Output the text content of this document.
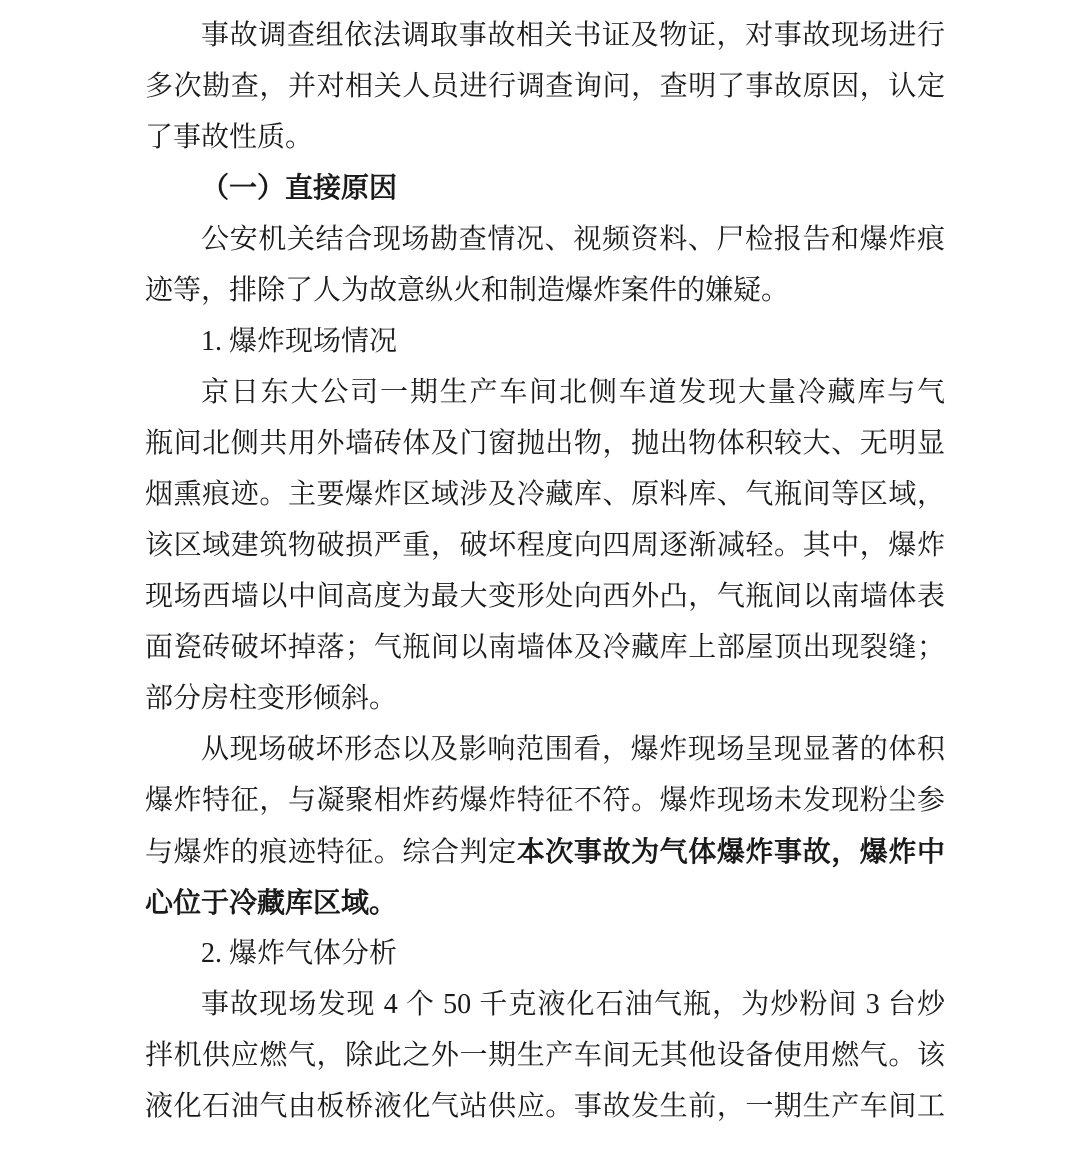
事故调查组依法调取事故相关书证及物证，对事故现场进行
多次勘查，并对相关人员进行调查询问，查明了事故原因，认定
了事故性质。
（一）直接原因
公安机关结合现场勘查情况、视频资料、尸检报告和爆炸痕
迹等，排除了人为故意纵火和制造爆炸案件的嫌疑。
1. 爆炸现场情况
京日东大公司一期生产车间北侧车道发现大量冷藏库与气
瓶间北侧共用外墙砖体及门窗抛出物，抛出物体积较大、无明显
烟熏痕迹。主要爆炸区域涉及冷藏库、原料库、气瓶间等区域，
该区域建筑物破损严重，破坏程度向四周逐渐减轻。其中，爆炸
现场西墙以中间高度为最大变形处向西外凸，气瓶间以南墙体表
面瓷砖破坏掉落；气瓶间以南墙体及冷藏库上部屋顶出现裂缝；
部分房柱变形倾斜。
从现场破坏形态以及影响范围看，爆炸现场呈现显著的体积
爆炸特征，与凝聚相炸药爆炸特征不符。爆炸现场未发现粉尘参
与爆炸的痕迹特征。综合判定本次事故为气体爆炸事故，爆炸中
心位于冷藏库区域。
2. 爆炸气体分析
事故现场发现 4 个 50 千克液化石油气瓶，为炒粉间 3 台炒
拌机供应燃气，除此之外一期生产车间无其他设备使用燃气。该
液化石油气由板桥液化气站供应。事故发生前，一期生产车间工
